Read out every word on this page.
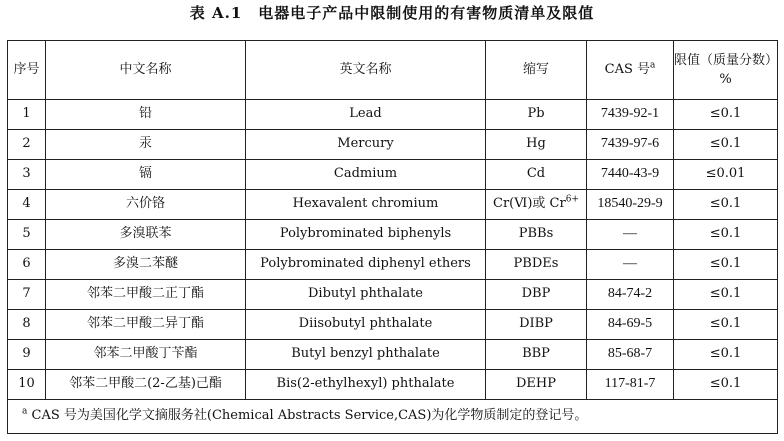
表 A.1　电器电子产品中限制使用的有害物质清单及限值
序号	中文名称	英文名称	缩写	CAS 号$^a$	限值（质量分数）
%

1	铅	Lead	Pb	7439-92-1	≤0.1
2	汞	Mercury	Hg	7439-97-6	≤0.1
3	镉	Cadmium	Cd	7440-43-9	≤0.01
4	六价铬	Hexavalent chromium	Cr(Ⅵ)或 $Cr^{6+}$	18540-29-9	≤0.1
5	多溴联苯	Polybrominated biphenyls	PBBs	—	≤0.1
6	多溴二苯醚	Polybrominated diphenyl ethers	PBDEs	—	≤0.1
7	邻苯二甲酸二正丁酯	Dibutyl phthalate	DBP	84-74-2	≤0.1
8	邻苯二甲酸二异丁酯	Diisobutyl phthalate	DIBP	84-69-5	≤0.1
9	邻苯二甲酸丁苄酯	Butyl benzyl phthalate	BBP	85-68-7	≤0.1
10	邻苯二甲酸二(2-乙基)己酯	Bis(2-ethylhexyl) phthalate	DEHP	117-81-7	≤0.1
$^a$ CAS 号为美国化学文摘服务社(Chemical Abstracts Service,CAS)为化学物质制定的登记号。					
